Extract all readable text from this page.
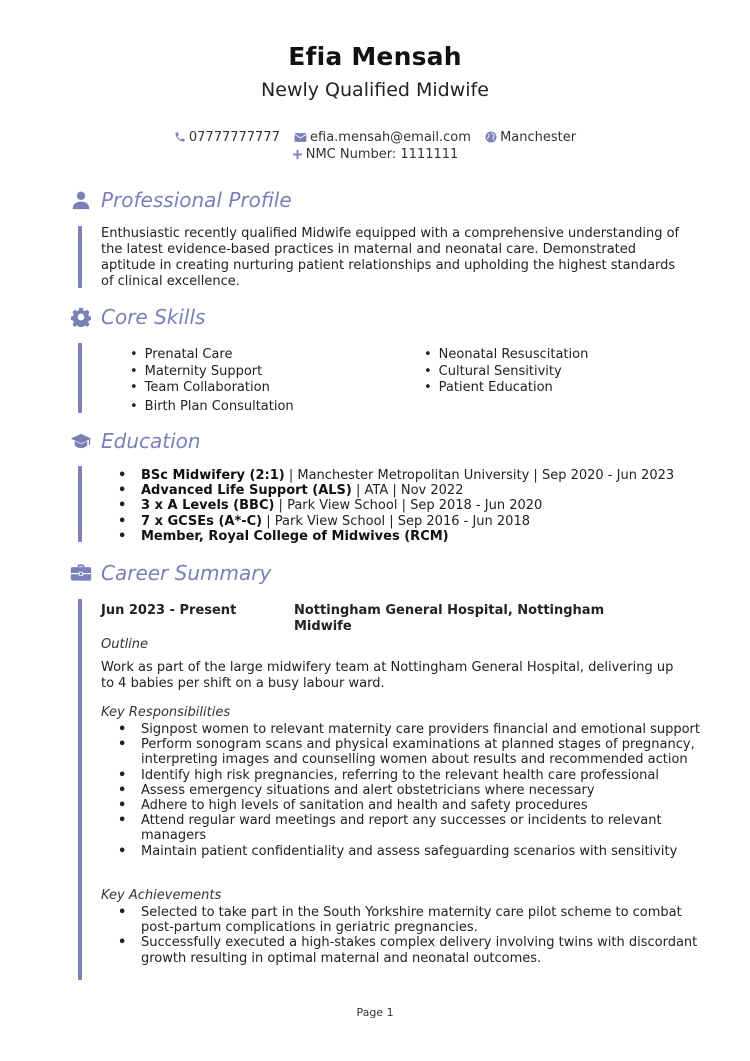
Efia Mensah
Newly Qualified Midwife
07777777777 efia.mensah@email.com Manchester
NMC Number: 1111111
Professional Profile
Enthusiastic recently qualified Midwife equipped with a comprehensive understanding of the latest evidence-based practices in maternal and neonatal care. Demonstrated aptitude in creating nurturing patient relationships and upholding the highest standards of clinical excellence.
Core Skills
• Prenatal Care
• Maternity Support
• Team Collaboration
• Birth Plan Consultation
• Neonatal Resuscitation
• Cultural Sensitivity
• Patient Education
Education
• BSc Midwifery (2:1) | Manchester Metropolitan University | Sep 2020 - Jun 2023
• Advanced Life Support (ALS) | ATA | Nov 2022
• 3 x A Levels (BBC) | Park View School | Sep 2018 - Jun 2020
• 7 x GCSEs (A*-C) | Park View School | Sep 2016 - Jun 2018
• Member, Royal College of Midwives (RCM)
Career Summary
Jun 2023 - Present	Nottingham General Hospital, Nottingham
Midwife
Outline
Work as part of the large midwifery team at Nottingham General Hospital, delivering up to 4 babies per shift on a busy labour ward.
Key Responsibilities
• Signpost women to relevant maternity care providers financial and emotional support
• Perform sonogram scans and physical examinations at planned stages of pregnancy, interpreting images and counselling women about results and recommended action
• Identify high risk pregnancies, referring to the relevant health care professional
• Assess emergency situations and alert obstetricians where necessary
• Adhere to high levels of sanitation and health and safety procedures
• Attend regular ward meetings and report any successes or incidents to relevant managers
• Maintain patient confidentiality and assess safeguarding scenarios with sensitivity
Key Achievements
• Selected to take part in the South Yorkshire maternity care pilot scheme to combat post-partum complications in geriatric pregnancies.
• Successfully executed a high-stakes complex delivery involving twins with discordant growth resulting in optimal maternal and neonatal outcomes.
Page 1
